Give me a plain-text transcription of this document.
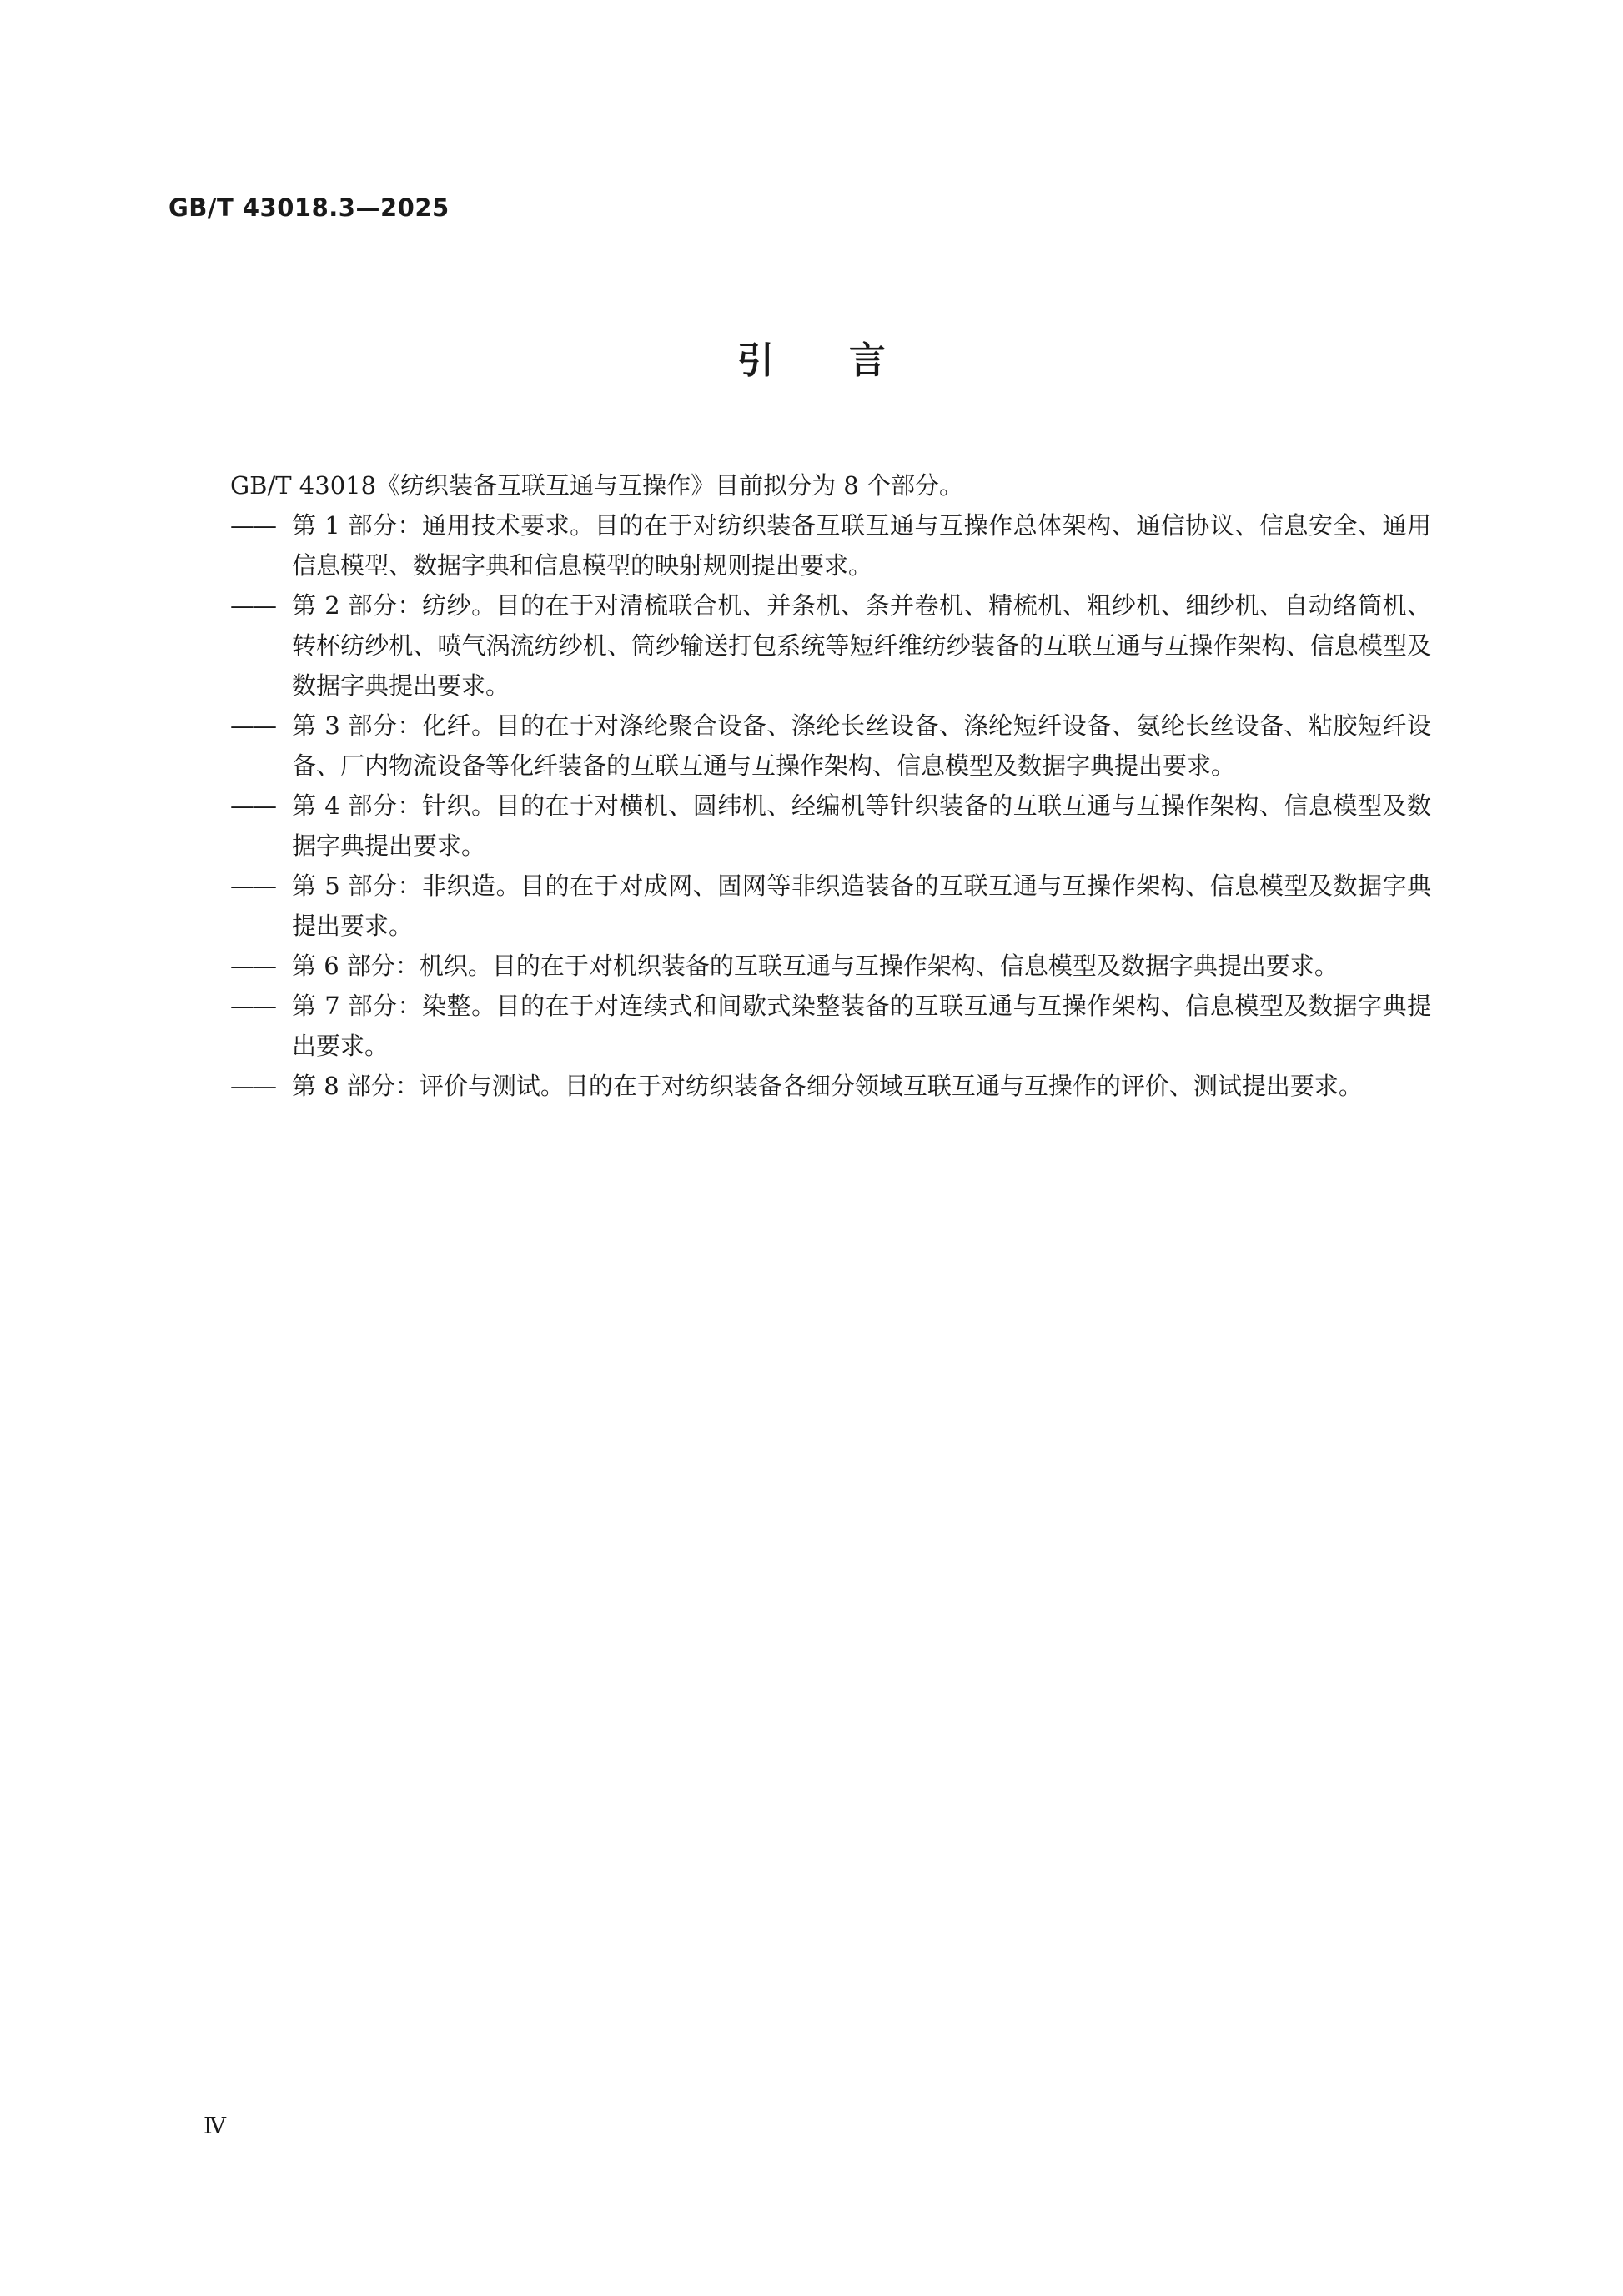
GB/T 43018.3—2025
引言

GB/T 43018《纺织装备互联互通与互操作》目前拟分为 8 个部分。

—— 第 1 部分：通用技术要求。目的在于对纺织装备互联互通与互操作总体架构、通信协议、信息安全、通用信息模型、数据字典和信息模型的映射规则提出要求。

—— 第 2 部分：纺纱。目的在于对清梳联合机、并条机、条并卷机、精梳机、粗纱机、细纱机、自动络筒机、转杯纺纱机、喷气涡流纺纱机、筒纱输送打包系统等短纤维纺纱装备的互联互通与互操作架构、信息模型及数据字典提出要求。

—— 第 3 部分：化纤。目的在于对涤纶聚合设备、涤纶长丝设备、涤纶短纤设备、氨纶长丝设备、粘胶短纤设备、厂内物流设备等化纤装备的互联互通与互操作架构、信息模型及数据字典提出要求。

—— 第 4 部分：针织。目的在于对横机、圆纬机、经编机等针织装备的互联互通与互操作架构、信息模型及数据字典提出要求。

—— 第 5 部分：非织造。目的在于对成网、固网等非织造装备的互联互通与互操作架构、信息模型及数据字典提出要求。

—— 第 6 部分：机织。目的在于对机织装备的互联互通与互操作架构、信息模型及数据字典提出要求。

—— 第 7 部分：染整。目的在于对连续式和间歇式染整装备的互联互通与互操作架构、信息模型及数据字典提出要求。

—— 第 8 部分：评价与测试。目的在于对纺织装备各细分领域互联互通与互操作的评价、测试提出要求。

Ⅳ
